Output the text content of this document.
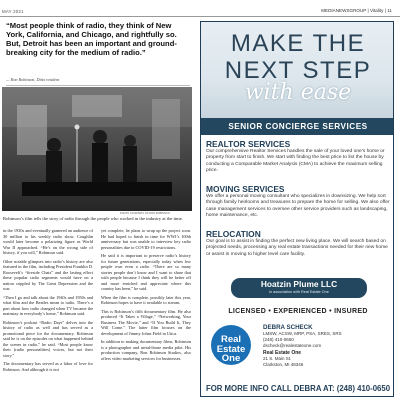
MAY 2021	MEDIANEWSGROUP | Vitality | 11
“Most people think of radio, they think of New York, California, and Chicago, and rightfully so. But, Detroit has been an important and ground-breaking city for the medium of radio.”
— Ron Robinson, Ditto resident
PHOTO COURTESY OF RON ROBINSON
Robinson’s film tells the story of radio through the people who worked in the industry at the time.

in the 1930s and eventually garnered an audience of 30 million to his weekly radio show. Coughlin would later become a polarizing figure as World War II approached. “He’s on the wrong side of history, if you will,” Robinson said.

Other notable glimpses into radio’s history are also featured in the film, including President Franklin D. Roosevelt’s “fireside Chats” and the lasting effect these popular radio segments would have on a nation crippled by The Great Depression and the war.

“Then I go and talk about the 1940s and 1950s and what film and the Beatles mean to radio. There’s a part about how radio changed when TV became the mainstay in everybody’s home,” Robinson said.

Robinson’s podcast “Radio Days” delves into the history of radio as well and has served as a promotional piece for the documentary. Robinson said he is on the episodes on what happened behind the scenes in radio,” he said. “Most people know their (radio personalities) voices, but not their story.”

The documentary has served as a labor of love for Robinson. And although it is not

yet complete, he plans to wrap up the project soon. He had hoped to finish in time for WWJ’s 100th anniversary but was unable to interview key radio personalities due to COVID-19 restrictions.

He said it is important to preserve radio’s history for future generations, especially today when few people own even a radio. “There are so many stories people don’t know and I want to share that with people because I think they will be better off and more enriched and appreciate where this country has been,” he said.

When the film is complete, possibly later this year, Robinson hopes to have it available to stream.

This is Robinson’s fifth documentary film. He also produced “It Takes a Village,” “Networking, Your Business The Movie,” and “If You Build It, They Will Come.” The latter film focuses on the development of Jimmy Johns Field in Utica.

In addition to making documentary films, Robinson is a photographer and aerial/drone media pilot. His production company, Ron Robinson Studios, also offers video marketing services for businesses.

MAKE THE
NEXT STEP
with ease
SENIOR CONCIERGE SERVICES
REALTOR SERVICES
Our comprehensive Realtor Services handles the sale of your loved one’s home or property from start to finish. We start with finding the best price to list the house by conducting a Comparable Market Analysis (CMA) to achieve the maximum selling price.
MOVING SERVICES
We offer a personal moving consultant who specializes in downsizing. We help sort through family heirlooms and treasures to prepare the home for selling. We also offer case management services to oversee other service providers such as landscaping, home maintenance, etc.
RELOCATION
Our goal is to assist in finding the perfect new living place. We will search based on projected needs, processing any real estate transactions needed for their new home or assist in moving to higher level care facility.
Hoatzin Plume LLC
in association with Real Estate One
LICENSED • EXPERIENCED • INSURED
Real
Estate
One
DEBRA SCHECK
LMSW, ACSW, MRP, PSA, SRES, SRS
(248) 410-0650
dscheck@realestateone.com
Real Estate One
21 S. Main St.
Clarkston, MI 48346
FOR MORE INFO CALL DEBRA AT: (248) 410-0650
